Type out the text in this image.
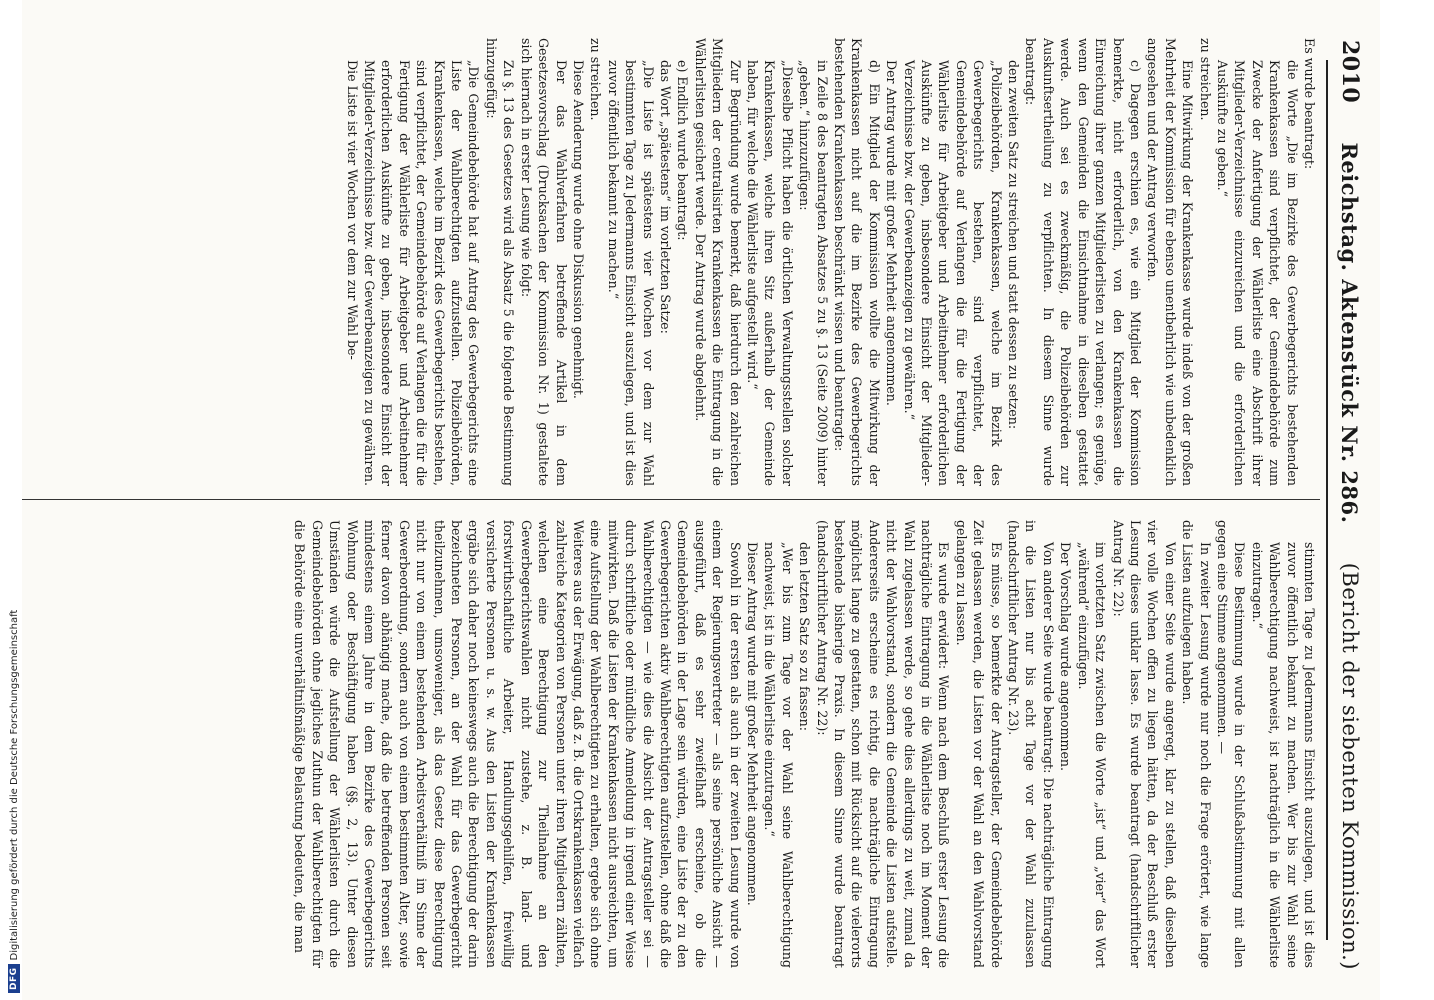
2010
Reichstag. Aktenstück Nr. 286.
(Bericht der siebenten Kommission.)

Es wurde beantragt:

die Worte „Die im Bezirke des Gewerbegerichts bestehenden Krankenkassen sind verpflichtet, der Gemeindebehörde zum Zwecke der Anfertigung der Wählerliste eine Abschrift ihrer Mitglieder-Verzeichnisse einzureichen und die erforderlichen Auskünfte zu geben.“

zu streichen.

Eine Mitwirkung der Krankenkasse wurde indeß von der großen Mehrheit der Kommission für ebenso unentbehrlich wie unbedenklich angesehen und der Antrag verworfen.

c) Dagegen erschien es, wie ein Mitglied der Kommission bemerkte, nicht erforderlich, von den Krankenkassen die Einreichung ihrer ganzen Mitgliederlisten zu verlangen; es genüge, wenn den Gemeinden die Einsichtnahme in dieselben gestattet werde. Auch sei es zweckmäßig, die Polizeibehörden zur Auskunftsertheilung zu verpflichten. In diesem Sinne wurde beantragt:

den zweiten Satz zu streichen und statt dessen zu setzen:

„Polizeibehörden, Krankenkassen, welche im Bezirk des Gewerbegerichts bestehen, sind verpflichtet, der Gemeindebehörde auf Verlangen die für die Fertigung der Wählerliste für Arbeitgeber und Arbeitnehmer erforderlichen Auskünfte zu geben, insbesondere Einsicht der Mitglieder-Verzeichnisse bzw. der Gewerbeanzeigen zu gewähren.“

Der Antrag wurde mit großer Mehrheit angenommen.

d) Ein Mitglied der Kommission wollte die Mitwirkung der Krankenkassen nicht auf die im Bezirke des Gewerbegerichts bestehenden Krankenkassen beschränkt wissen und beantragte:

in Zeile 8 des beantragten Absatzes 5 zu §. 13 (Seite 2009) hinter „geben.“ hinzuzufügen:

„Dieselbe Pflicht haben die örtlichen Verwaltungsstellen solcher Krankenkassen, welche ihren Sitz außerhalb der Gemeinde haben, für welche die Wählerliste aufgestellt wird.“

Zur Begründung wurde bemerkt, daß hierdurch den zahlreichen Mitgliedern der centralisirten Krankenkassen die Eintragung in die Wählerlisten gesichert werde. Der Antrag wurde abgelehnt.

e) Endlich wurde beantragt:

das Wort „spätestens“ im vorletzten Satze:

„Die Liste ist spätestens vier Wochen vor dem zur Wahl bestimmten Tage zu Jedermanns Einsicht auszulegen, und ist dies zuvor öffentlich bekannt zu machen.“

zu streichen.

Diese Aenderung wurde ohne Diskussion genehmigt.

Der das Wahlverfahren betreffende Artikel in dem Gesetzesvorschlag (Drucksachen der Kommission Nr. 1) gestaltete sich hiernach in erster Lesung wie folgt:

Zu §. 13 des Gesetzes wird als Absatz 5 die folgende Bestimmung hinzugefügt:

„Die Gemeindebehörde hat auf Antrag des Gewerbegerichts eine Liste der Wahlberechtigten aufzustellen. Polizeibehörden, Krankenkassen, welche im Bezirk des Gewerbegerichts bestehen, sind verpflichtet, der Gemeindebehörde auf Verlangen die für die Fertigung der Wählerliste für Arbeitgeber und Arbeitnehmer erforderlichen Auskünfte zu geben, insbesondere Einsicht der Mitglieder-Verzeichnisse bzw. der Gewerbeanzeigen zu gewähren. Die Liste ist vier Wochen vor dem zur Wahl be-

stimmten Tage zu Jedermanns Einsicht auszulegen, und ist dies zuvor öffentlich bekannt zu machen. Wer bis zur Wahl seine Wahlberechtigung nachweist, ist nachträglich in die Wählerliste einzutragen.“

Diese Bestimmung wurde in der Schlußabstimmung mit allen gegen eine Stimme angenommen. —

In zweiter Lesung wurde nur noch die Frage erörtert, wie lange die Listen aufzulegen haben.

Von einer Seite wurde angeregt, klar zu stellen, daß dieselben vier volle Wochen offen zu liegen hätten, da der Beschluß erster Lesung dieses unklar lasse. Es wurde beantragt (handschriftlicher Antrag Nr. 22):

im vorletzten Satz zwischen die Worte „ist“ und „vier“ das Wort „während“ einzufügen.

Der Vorschlag wurde angenommen.

Von anderer Seite wurde beantragt: Die nachträgliche Eintragung in die Listen nur bis acht Tage vor der Wahl zuzulassen (handschriftlicher Antrag Nr. 23).

Es müsse, so bemerkte der Antragsteller, der Gemeindebehörde Zeit gelassen werden, die Listen vor der Wahl an den Wahlvorstand gelangen zu lassen.

Es wurde erwidert: Wenn nach dem Beschluß erster Lesung die nachträgliche Eintragung in die Wählerliste noch im Moment der Wahl zugelassen werde, so gehe dies allerdings zu weit, zumal da nicht der Wahlvorstand, sondern die Gemeinde die Listen aufstelle. Andererseits erscheine es richtig, die nachträgliche Eintragung möglichst lange zu gestatten, schon mit Rücksicht auf die vielerorts bestehende bisherige Praxis. In diesem Sinne wurde beantragt (handschriftlicher Antrag Nr. 22):

den letzten Satz so zu fassen:

„Wer bis zum Tage vor der Wahl seine Wahlberechtigung nachweist, ist in die Wählerliste einzutragen.“

Dieser Antrag wurde mit großer Mehrheit angenommen.

Sowohl in der ersten als auch in der zweiten Lesung wurde von einem der Regierungsvertreter — als seine persönliche Ansicht — ausgeführt, daß es sehr zweifelhaft erscheine, ob die Gemeindebehörden in der Lage sein würden, eine Liste der zu den Gewerbegerichten aktiv Wahlberechtigten aufzustellen, ohne daß die Wahlberechtigten — wie dies die Absicht der Antragsteller sei — durch schriftliche oder mündliche Anmeldung in irgend einer Weise mitwirkten. Daß die Listen der Krankenkassen nicht ausreichten, um eine Aufstellung der Wahlberechtigten zu erhalten, ergebe sich ohne Weiteres aus der Erwägung, daß z. B. die Ortskrankenkassen vielfach zahlreiche Kategorien von Personen unter ihren Mitgliedern zählten, welchen eine Berechtigung zur Theilnahme an den Gewerbegerichtswahlen nicht zustehe, z. B. land- und forstwirthschaftliche Arbeiter, Handlungsgehilfen, freiwillig versicherte Personen u. s. w. Aus den Listen der Krankenkassen ergäbe sich daher noch keineswegs auch die Berechtigung der darin bezeichneten Personen, an der Wahl für das Gewerbegericht theilzunehmen, umsoweniger, als das Gesetz diese Berechtigung nicht nur von einem bestehenden Arbeitsverhältniß im Sinne der Gewerbeordnung, sondern auch von einem bestimmten Alter, sowie ferner davon abhängig mache, daß die betreffenden Personen seit mindestens einem Jahre in dem Bezirke des Gewerbegerichts Wohnung oder Beschäftigung haben (§§. 2, 13). Unter diesen Umständen würde die Aufstellung der Wählerlisten durch die Gemeindebehörden ohne jegliches Zuthun der Wahlberechtigten für die Behörde eine unverhältnißmäßige Belastung bedeuten, die man

DFG
Digitalisierung gefördert durch die Deutsche Forschungsgemeinschaft
